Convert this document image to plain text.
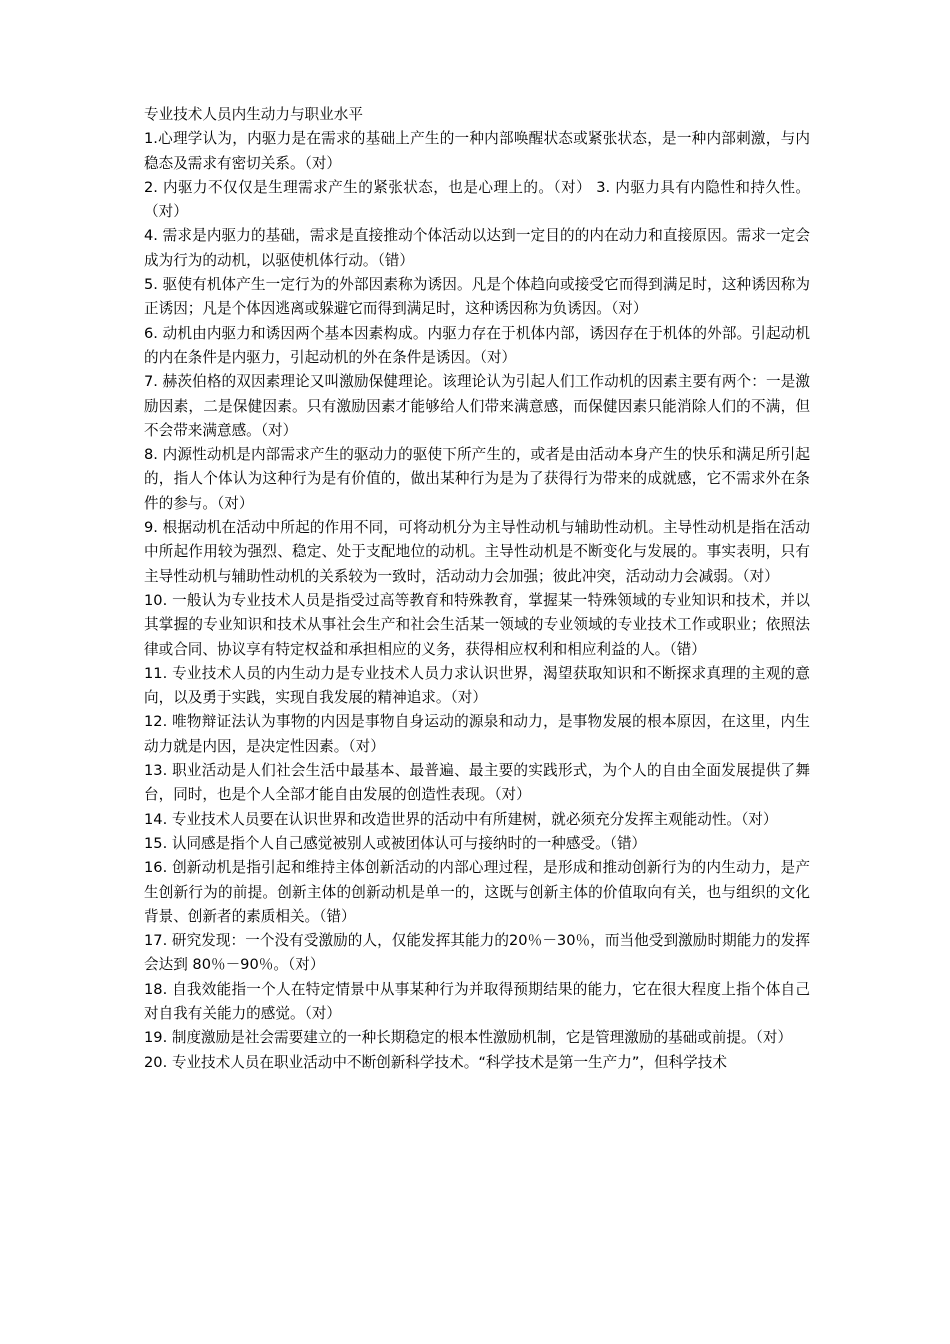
专业技术人员内生动力与职业水平

1.心理学认为，内驱力是在需求的基础上产生的一种内部唤醒状态或紧张状态，是一种内部刺激，与内稳态及需求有密切关系。（对）

2. 内驱力不仅仅是生理需求产生的紧张状态，也是心理上的。（对） 3. 内驱力具有内隐性和持久性。（对）

4. 需求是内驱力的基础，需求是直接推动个体活动以达到一定目的的内在动力和直接原因。需求一定会成为行为的动机，以驱使机体行动。（错）

5. 驱使有机体产生一定行为的外部因素称为诱因。凡是个体趋向或接受它而得到满足时，这种诱因称为正诱因；凡是个体因逃离或躲避它而得到满足时，这种诱因称为负诱因。（对）

6. 动机由内驱力和诱因两个基本因素构成。内驱力存在于机体内部，诱因存在于机体的外部。引起动机的内在条件是内驱力，引起动机的外在条件是诱因。（对）

7. 赫茨伯格的双因素理论又叫激励保健理论。该理论认为引起人们工作动机的因素主要有两个：一是激励因素，二是保健因素。只有激励因素才能够给人们带来满意感，而保健因素只能消除人们的不满，但不会带来满意感。（对）

8. 内源性动机是内部需求产生的驱动力的驱使下所产生的，或者是由活动本身产生的快乐和满足所引起的，指人个体认为这种行为是有价值的，做出某种行为是为了获得行为带来的成就感，它不需求外在条件的参与。（对）

9. 根据动机在活动中所起的作用不同，可将动机分为主导性动机与辅助性动机。主导性动机是指在活动中所起作用较为强烈、稳定、处于支配地位的动机。主导性动机是不断变化与发展的。事实表明，只有主导性动机与辅助性动机的关系较为一致时，活动动力会加强；彼此冲突，活动动力会减弱。（对）

10. 一般认为专业技术人员是指受过高等教育和特殊教育，掌握某一特殊领域的专业知识和技术，并以其掌握的专业知识和技术从事社会生产和社会生活某一领域的专业领域的专业技术工作或职业；依照法律或合同、协议享有特定权益和承担相应的义务，获得相应权利和相应利益的人。（错）

11. 专业技术人员的内生动力是专业技术人员力求认识世界，渴望获取知识和不断探求真理的主观的意向，以及勇于实践，实现自我发展的精神追求。（对）

12. 唯物辩证法认为事物的内因是事物自身运动的源泉和动力，是事物发展的根本原因，在这里，内生动力就是内因，是决定性因素。（对）

13. 职业活动是人们社会生活中最基本、最普遍、最主要的实践形式，为个人的自由全面发展提供了舞台，同时，也是个人全部才能自由发展的创造性表现。（对）

14. 专业技术人员要在认识世界和改造世界的活动中有所建树，就必须充分发挥主观能动性。（对）

15. 认同感是指个人自己感觉被别人或被团体认可与接纳时的一种感受。（错）

16. 创新动机是指引起和维持主体创新活动的内部心理过程，是形成和推动创新行为的内生动力，是产生创新行为的前提。创新主体的创新动机是单一的，这既与创新主体的价值取向有关，也与组织的文化背景、创新者的素质相关。（错）

17. 研究发现：一个没有受激励的人，仅能发挥其能力的20％－30％，而当他受到激励时期能力的发挥会达到 80％－90％。（对）

18. 自我效能指一个人在特定情景中从事某种行为并取得预期结果的能力，它在很大程度上指个体自己对自我有关能力的感觉。（对）

19. 制度激励是社会需要建立的一种长期稳定的根本性激励机制，它是管理激励的基础或前提。（对）

20. 专业技术人员在职业活动中不断创新科学技术。“科学技术是第一生产力”，但科学技术
